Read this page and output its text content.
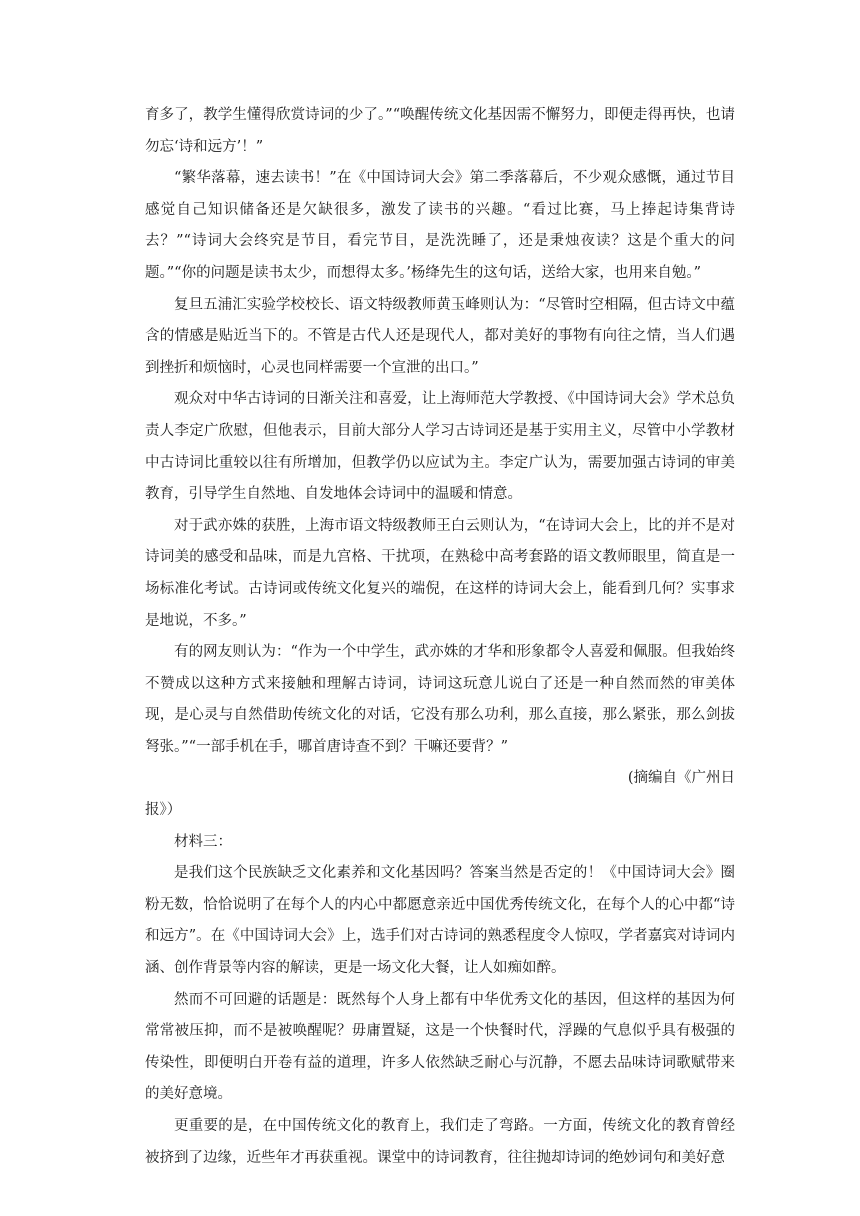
育多了，教学生懂得欣赏诗词的少了。”“唤醒传统文化基因需不懈努力，即便走得再快，也请勿忘‘诗和远方’！”

“繁华落幕，速去读书！”在《中国诗词大会》第二季落幕后，不少观众感慨，通过节目感觉自己知识储备还是欠缺很多，激发了读书的兴趣。“看过比赛，马上捧起诗集背诗去？”“诗词大会终究是节目，看完节目，是洗洗睡了，还是秉烛夜读？这是个重大的问题。”“你的问题是读书太少，而想得太多。’杨绛先生的这句话，送给大家，也用来自勉。”

复旦五浦汇实验学校校长、语文特级教师黄玉峰则认为：“尽管时空相隔，但古诗文中蕴含的情感是贴近当下的。不管是古代人还是现代人，都对美好的事物有向往之情，当人们遇到挫折和烦恼时，心灵也同样需要一个宣泄的出口。”

观众对中华古诗词的日渐关注和喜爱，让上海师范大学教授、《中国诗词大会》学术总负责人李定广欣慰，但他表示，目前大部分人学习古诗词还是基于实用主义，尽管中小学教材中古诗词比重较以往有所增加，但教学仍以应试为主。李定广认为，需要加强古诗词的审美教育，引导学生自然地、自发地体会诗词中的温暖和情意。

对于武亦姝的获胜，上海市语文特级教师王白云则认为，“在诗词大会上，比的并不是对诗词美的感受和品味，而是九宫格、干扰项，在熟稔中高考套路的语文教师眼里，简直是一场标准化考试。古诗词或传统文化复兴的端倪，在这样的诗词大会上，能看到几何？实事求是地说，不多。”

有的网友则认为：“作为一个中学生，武亦姝的才华和形象都令人喜爱和佩服。但我始终不赞成以这种方式来接触和理解古诗词，诗词这玩意儿说白了还是一种自然而然的审美体现，是心灵与自然借助传统文化的对话，它没有那么功利，那么直接，那么紧张，那么剑拔弩张。”“一部手机在手，哪首唐诗查不到？干嘛还要背？”

(摘编自《广州日

报》）

材料三：

是我们这个民族缺乏文化素养和文化基因吗？答案当然是否定的！《中国诗词大会》圈粉无数，恰恰说明了在每个人的内心中都愿意亲近中国优秀传统文化，在每个人的心中都“诗和远方”。在《中国诗词大会》上，选手们对古诗词的熟悉程度令人惊叹，学者嘉宾对诗词内涵、创作背景等内容的解读，更是一场文化大餐，让人如痴如醉。

然而不可回避的话题是：既然每个人身上都有中华优秀文化的基因，但这样的基因为何常常被压抑，而不是被唤醒呢？毋庸置疑，这是一个快餐时代，浮躁的气息似乎具有极强的传染性，即便明白开卷有益的道理，许多人依然缺乏耐心与沉静，不愿去品味诗词歌赋带来的美好意境。

更重要的是，在中国传统文化的教育上，我们走了弯路。一方面，传统文化的教育曾经被挤到了边缘，近些年才再获重视。课堂中的诗词教育，往往抛却诗词的绝妙词句和美好意
